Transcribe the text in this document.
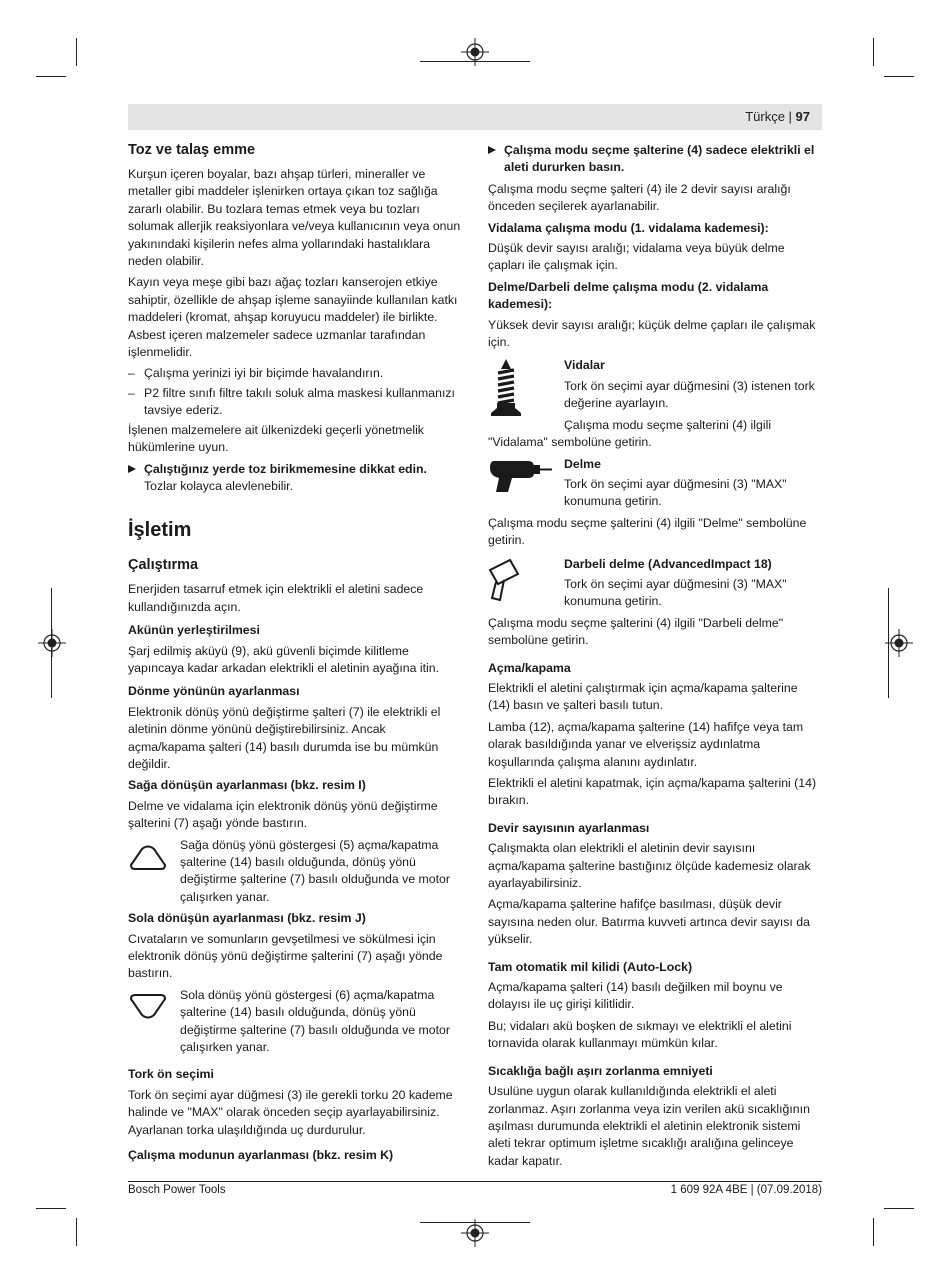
Türkçe | 97
Toz ve talaş emme

Kurşun içeren boyalar, bazı ahşap türleri, mineraller ve metaller gibi maddeler işlenirken ortaya çıkan toz sağlığa zararlı olabilir. Bu tozlara temas etmek veya bu tozları solumak allerjik reaksiyonlara ve/veya kullanıcının veya onun yakınındaki kişilerin nefes alma yollarındaki hastalıklara neden olabilir.

Kayın veya meşe gibi bazı ağaç tozları kanserojen etkiye sahiptir, özellikle de ahşap işleme sanayiinde kullanılan katkı maddeleri (kromat, ahşap koruyucu maddeler) ile birlikte. Asbest içeren malzemeler sadece uzmanlar tarafından işlenmelidir.

– Çalışma yerinizi iyi bir biçimde havalandırın.
– P2 filtre sınıfı filtre takılı soluk alma maskesi kullanmanızı tavsiye ederiz.

İşlenen malzemelere ait ülkenizdeki geçerli yönetmelik hükümlerine uyun.

Çalıştığınız yerde toz birikmemesine dikkat edin.
Tozlar kolayca alevlenebilir.
İşletim
Çalıştırma

Enerjiden tasarruf etmek için elektrikli el aletini sadece kullandığınızda açın.

Akünün yerleştirilmesi

Şarj edilmiş aküyü (9), akü güvenli biçimde kilitleme yapıncaya kadar arkadan elektrikli el aletinin ayağına itin.

Dönme yönünün ayarlanması

Elektronik dönüş yönü değiştirme şalteri (7) ile elektrikli el aletinin dönme yönünü değiştirebilirsiniz. Ancak açma/kapama şalteri (14) basılı durumda ise bu mümkün değildir.

Sağa dönüşün ayarlanması (bkz. resim I)

Delme ve vidalama için elektronik dönüş yönü değiştirme şalterini (7) aşağı yönde bastırın.

Sağa dönüş yönü göstergesi (5) açma/kapatma şalterine (14) basılı olduğunda, dönüş yönü değiştirme şalterine (7) basılı olduğunda ve motor çalışırken yanar.
Sola dönüşün ayarlanması (bkz. resim J)

Cıvataların ve somunların gevşetilmesi ve sökülmesi için elektronik dönüş yönü değiştirme şalterini (7) aşağı yönde bastırın.

Sola dönüş yönü göstergesi (6) açma/kapatma şalterine (14) basılı olduğunda, dönüş yönü değiştirme şalterine (7) basılı olduğunda ve motor çalışırken yanar.
Tork ön seçimi

Tork ön seçimi ayar düğmesi (3) ile gerekli torku 20 kademe halinde ve "MAX" olarak önceden seçip ayarlayabilirsiniz. Ayarlanan torka ulaşıldığında uç durdurulur.

Çalışma modunun ayarlanması (bkz. resim K)
Çalışma modu seçme şalterine (4) sadece elektrikli el aleti dururken basın.

Çalışma modu seçme şalteri (4) ile 2 devir sayısı aralığı önceden seçilerek ayarlanabilir.

Vidalama çalışma modu (1. vidalama kademesi):

Düşük devir sayısı aralığı; vidalama veya büyük delme çapları ile çalışmak için.

Delme/Darbeli delme çalışma modu (2. vidalama kademesi):

Yüksek devir sayısı aralığı; küçük delme çapları ile çalışmak için.

Vidalar

Tork ön seçimi ayar düğmesini (3) istenen tork değerine ayarlayın.

Çalışma modu seçme şalterini (4) ilgili

"Vidalama" sembolüne getirin.

Delme

Tork ön seçimi ayar düğmesini (3) "MAX" konumuna getirin.

Çalışma modu seçme şalterini (4) ilgili "Delme" sembolüne getirin.

Darbeli delme (AdvancedImpact 18)

Tork ön seçimi ayar düğmesini (3) "MAX" konumuna getirin.

Çalışma modu seçme şalterini (4) ilgili "Darbeli delme" sembolüne getirin.

Açma/kapama

Elektrikli el aletini çalıştırmak için açma/kapama şalterine (14) basın ve şalteri basılı tutun.

Lamba (12), açma/kapama şalterine (14) hafifçe veya tam olarak basıldığında yanar ve elverişsiz aydınlatma koşullarında çalışma alanını aydınlatır.

Elektrikli el aletini kapatmak, için açma/kapama şalterini (14) bırakın.

Devir sayısının ayarlanması

Çalışmakta olan elektrikli el aletinin devir sayısını açma/kapama şalterine bastığınız ölçüde kademesiz olarak ayarlayabilirsiniz.

Açma/kapama şalterine hafifçe basılması, düşük devir sayısına neden olur. Batırma kuvveti artınca devir sayısı da yükselir.

Tam otomatik mil kilidi (Auto-Lock)

Açma/kapama şalteri (14) basılı değilken mil boynu ve dolayısı ile uç girişi kilitlidir.

Bu; vidaları akü boşken de sıkmayı ve elektrikli el aletini tornavida olarak kullanmayı mümkün kılar.

Sıcaklığa bağlı aşırı zorlanma emniyeti

Usulüne uygun olarak kullanıldığında elektrikli el aleti zorlanmaz. Aşırı zorlanma veya izin verilen akü sıcaklığının aşılması durumunda elektrikli el aletinin elektronik sistemi aleti tekrar optimum işletme sıcaklığı aralığına gelinceye kadar kapatır.

Bosch Power Tools	1 609 92A 4BE | (07.09.2018)
